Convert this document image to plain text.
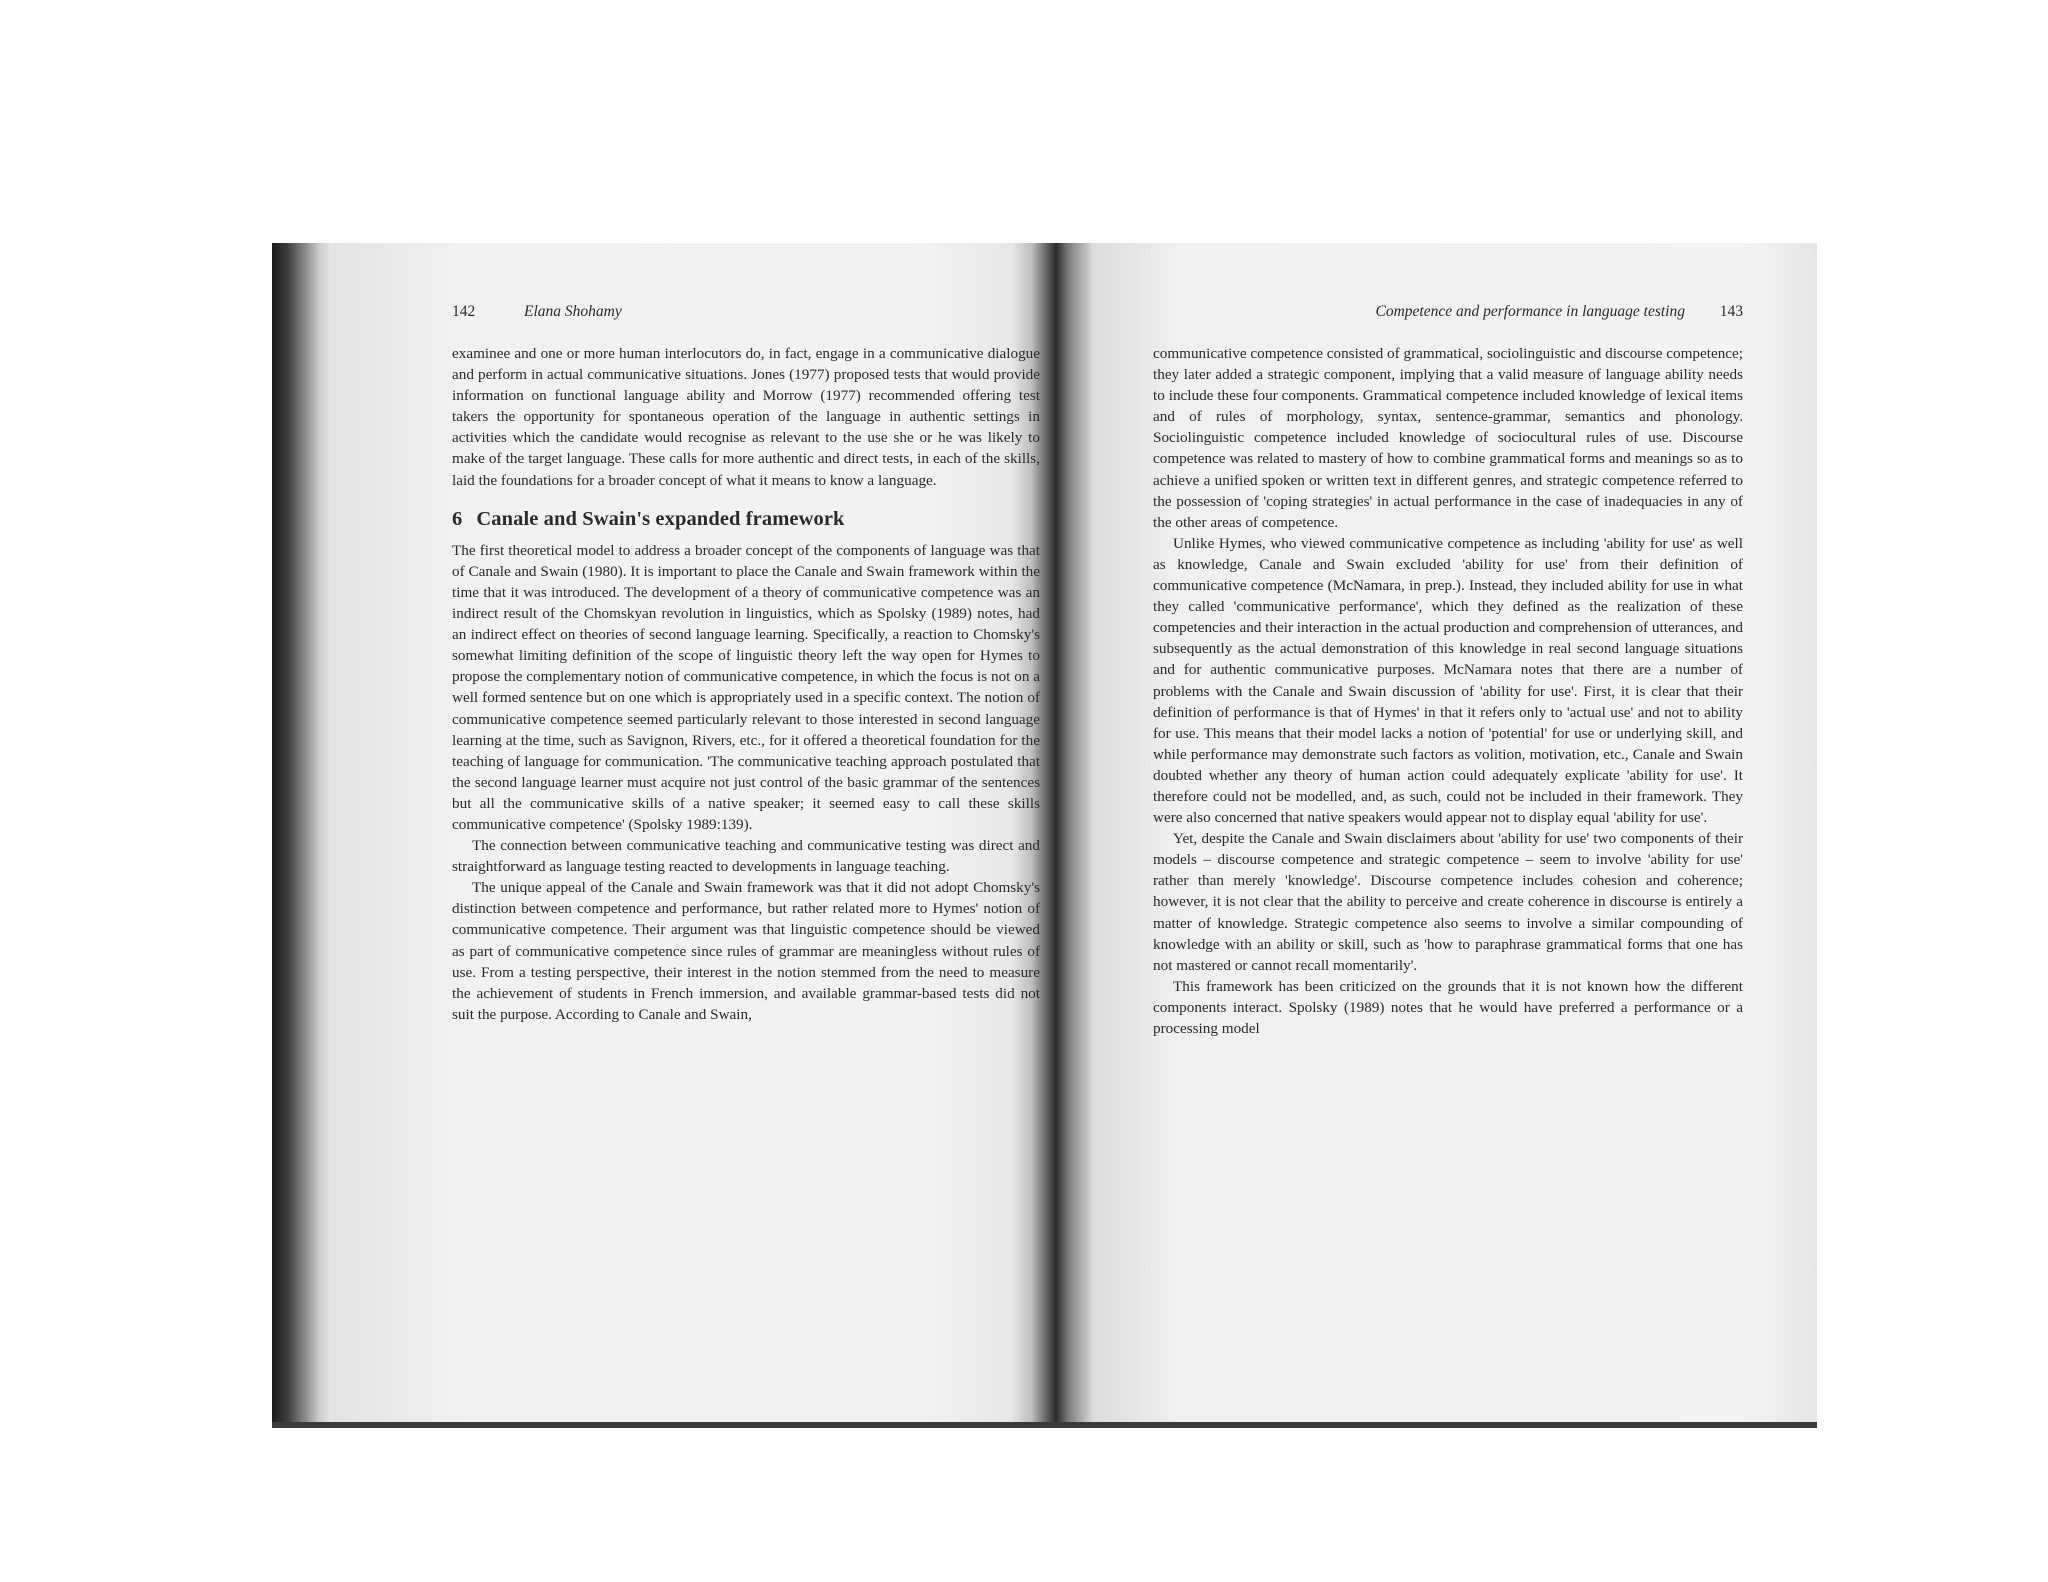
142	Elana Shohamy

examinee and one or more human interlocutors do, in fact, engage in a communicative dialogue and perform in actual communicative situations. Jones (1977) proposed tests that would provide information on functional language ability and Morrow (1977) recommended offering test takers the opportunity for spontaneous operation of the language in authentic settings in activities which the candidate would recognise as relevant to the use she or he was likely to make of the target language. These calls for more authentic and direct tests, in each of the skills, laid the foundations for a broader concept of what it means to know a language.

6 Canale and Swain's expanded framework

The first theoretical model to address a broader concept of the components of language was that of Canale and Swain (1980). It is important to place the Canale and Swain framework within the time that it was introduced. The development of a theory of communicative competence was an indirect result of the Chomskyan revolution in linguistics, which as Spolsky (1989) notes, had an indirect effect on theories of second language learning. Specifically, a reaction to Chomsky's somewhat limiting definition of the scope of linguistic theory left the way open for Hymes to propose the complementary notion of communicative competence, in which the focus is not on a well formed sentence but on one which is appropriately used in a specific context. The notion of communicative competence seemed particularly relevant to those interested in second language learning at the time, such as Savignon, Rivers, etc., for it offered a theoretical foundation for the teaching of language for communication. 'The communicative teaching approach postulated that the second language learner must acquire not just control of the basic grammar of the sentences but all the communicative skills of a native speaker; it seemed easy to call these skills communicative competence' (Spolsky 1989:139).

The connection between communicative teaching and communicative testing was direct and straightforward as language testing reacted to developments in language teaching.

The unique appeal of the Canale and Swain framework was that it did not adopt Chomsky's distinction between competence and performance, but rather related more to Hymes' notion of communicative competence. Their argument was that linguistic competence should be viewed as part of communicative competence since rules of grammar are meaningless without rules of use. From a testing perspective, their interest in the notion stemmed from the need to measure the achievement of students in French immersion, and available grammar-based tests did not suit the purpose. According to Canale and Swain,

Competence and performance in language testing 143

communicative competence consisted of grammatical, sociolinguistic and discourse competence; they later added a strategic component, implying that a valid measure of language ability needs to include these four components. Grammatical competence included knowledge of lexical items and of rules of morphology, syntax, sentence-grammar, semantics and phonology. Sociolinguistic competence included knowledge of sociocultural rules of use. Discourse competence was related to mastery of how to combine grammatical forms and meanings so as to achieve a unified spoken or written text in different genres, and strategic competence referred to the possession of 'coping strategies' in actual performance in the case of inadequacies in any of the other areas of competence.

Unlike Hymes, who viewed communicative competence as including 'ability for use' as well as knowledge, Canale and Swain excluded 'ability for use' from their definition of communicative competence (McNamara, in prep.). Instead, they included ability for use in what they called 'communicative performance', which they defined as the realization of these competencies and their interaction in the actual production and comprehension of utterances, and subsequently as the actual demonstration of this knowledge in real second language situations and for authentic communicative purposes. McNamara notes that there are a number of problems with the Canale and Swain discussion of 'ability for use'. First, it is clear that their definition of performance is that of Hymes' in that it refers only to 'actual use' and not to ability for use. This means that their model lacks a notion of 'potential' for use or underlying skill, and while performance may demonstrate such factors as volition, motivation, etc., Canale and Swain doubted whether any theory of human action could adequately explicate 'ability for use'. It therefore could not be modelled, and, as such, could not be included in their framework. They were also concerned that native speakers would appear not to display equal 'ability for use'.

Yet, despite the Canale and Swain disclaimers about 'ability for use' two components of their models – discourse competence and strategic competence – seem to involve 'ability for use' rather than merely 'knowledge'. Discourse competence includes cohesion and coherence; however, it is not clear that the ability to perceive and create coherence in discourse is entirely a matter of knowledge. Strategic competence also seems to involve a similar compounding of knowledge with an ability or skill, such as 'how to paraphrase grammatical forms that one has not mastered or cannot recall momentarily'.

This framework has been criticized on the grounds that it is not known how the different components interact. Spolsky (1989) notes that he would have preferred a performance or a processing model
